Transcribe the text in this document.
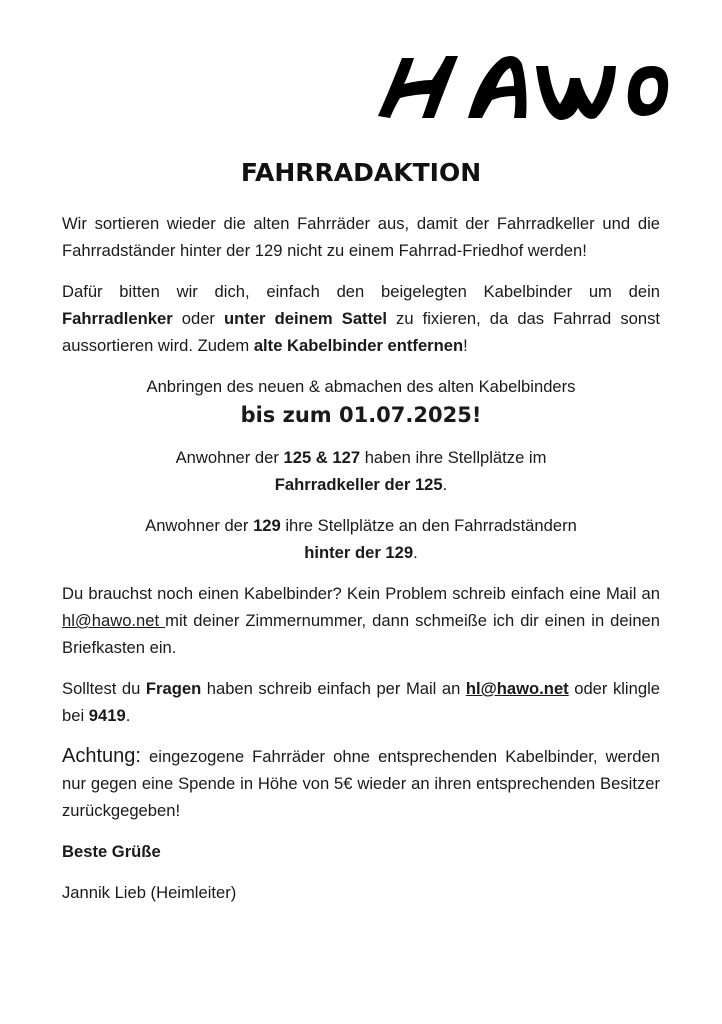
FAHRRADAKTION

Wir sortieren wieder die alten Fahrräder aus, damit der Fahrradkeller und die Fahrradständer hinter der 129 nicht zu einem Fahrrad-Friedhof werden!

Dafür bitten wir dich, einfach den beigelegten Kabelbinder um dein Fahrradlenker oder unter deinem Sattel zu fixieren, da das Fahrrad sonst aussortieren wird. Zudem alte Kabelbinder entfernen!

Anbringen des neuen & abmachen des alten Kabelbinders
bis zum 01.07.2025!
Anwohner der 125 & 127 haben ihre Stellplätze im
Fahrradkeller der 125.
Anwohner der 129 ihre Stellplätze an den Fahrradständern
hinter der 129.

Du brauchst noch einen Kabelbinder? Kein Problem schreib einfach eine Mail an hl@hawo.net mit deiner Zimmernummer, dann schmeiße ich dir einen in deinen Briefkasten ein.

Solltest du Fragen haben schreib einfach per Mail an hl@hawo.net oder klingle bei 9419.

Achtung: eingezogene Fahrräder ohne entsprechenden Kabelbinder, werden nur gegen eine Spende in Höhe von 5€ wieder an ihren entsprechenden Besitzer zurückgegeben!

Beste Grüße

Jannik Lieb (Heimleiter)
